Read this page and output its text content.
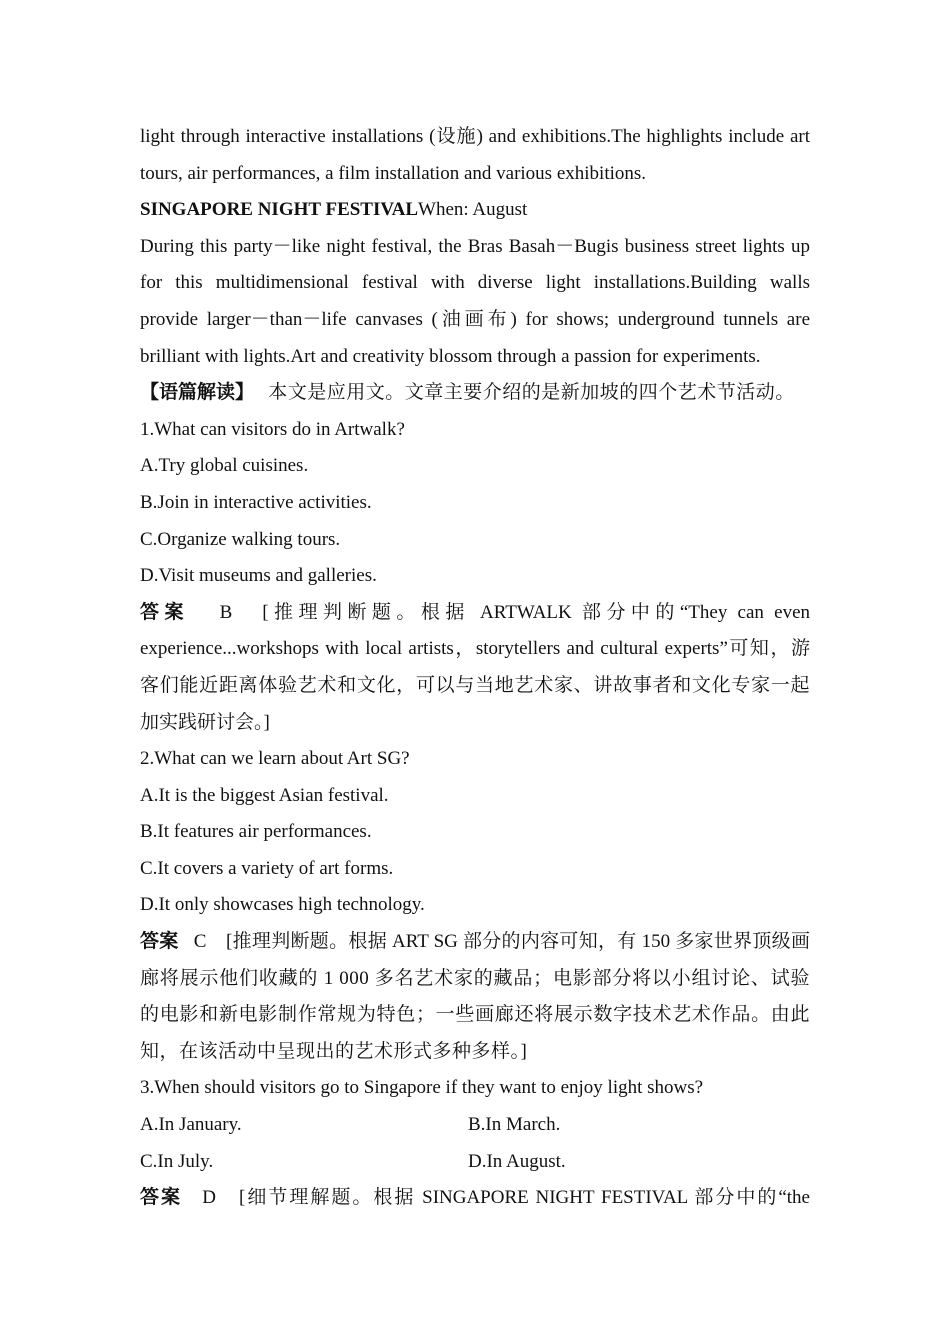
light through interactive installations (设施) and exhibitions.The highlights include art
tours, air performances, a film installation and various exhibitions.
SINGAPORE NIGHT FESTIVALWhen: August
During this party－like night festival, the Bras Basah－Bugis business street lights up
for this multidimensional festival with diverse light installations.Building walls
provide larger－than－life canvases (油画布) for shows; underground tunnels are
brilliant with lights.Art and creativity blossom through a passion for experiments.
【语篇解读】 本文是应用文。文章主要介绍的是新加坡的四个艺术节活动。
1.What can visitors do in Artwalk?
A.Try global cuisines.
B.Join in interactive activities.
C.Organize walking tours.
D.Visit museums and galleries.
答案 B　[推理判断题。根据 ARTWALK 部分中的“They can even
experience...workshops with local artists，storytellers and cultural experts”可知，游
客们能近距离体验艺术和文化，可以与当地艺术家、讲故事者和文化专家一起
加实践研讨会。]
2.What can we learn about Art SG?
A.It is the biggest Asian festival.
B.It features air performances.
C.It covers a variety of art forms.
D.It only showcases high technology.
答案 C　[推理判断题。根据 ART SG 部分的内容可知，有 150 多家世界顶级画
廊将展示他们收藏的 1 000 多名艺术家的藏品；电影部分将以小组讨论、试验
的电影和新电影制作常规为特色；一些画廊还将展示数字技术艺术作品。由此
知，在该活动中呈现出的艺术形式多种多样。]
3.When should visitors go to Singapore if they want to enjoy light shows?
A.In January.	B.In March.
C.In July.	D.In August.
答案 D　[细节理解题。根据 SINGAPORE NIGHT FESTIVAL 部分中的“the
